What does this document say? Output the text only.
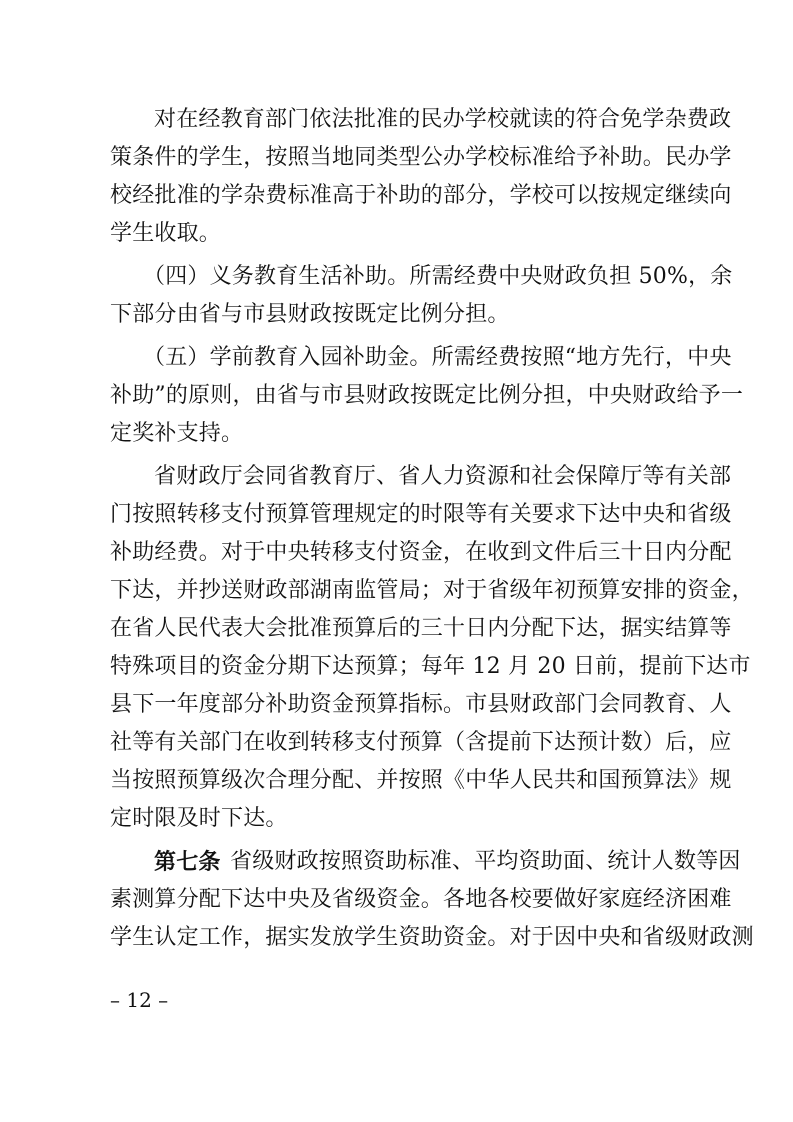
对在经教育部门依法批准的民办学校就读的符合免学杂费政
策条件的学生，按照当地同类型公办学校标准给予补助。民办学
校经批准的学杂费标准高于补助的部分，学校可以按规定继续向
学生收取。
（四）义务教育生活补助。所需经费中央财政负担 50%，余
下部分由省与市县财政按既定比例分担。
（五）学前教育入园补助金。所需经费按照“地方先行，中央
补助”的原则，由省与市县财政按既定比例分担，中央财政给予一
定奖补支持。
省财政厅会同省教育厅、省人力资源和社会保障厅等有关部
门按照转移支付预算管理规定的时限等有关要求下达中央和省级
补助经费。对于中央转移支付资金，在收到文件后三十日内分配
下达，并抄送财政部湖南监管局；对于省级年初预算安排的资金，
在省人民代表大会批准预算后的三十日内分配下达，据实结算等
特殊项目的资金分期下达预算；每年 12 月 20 日前，提前下达市
县下一年度部分补助资金预算指标。市县财政部门会同教育、人
社等有关部门在收到转移支付预算（含提前下达预计数）后，应
当按照预算级次合理分配、并按照《中华人民共和国预算法》规
定时限及时下达。
第七条 省级财政按照资助标准、平均资助面、统计人数等因
素测算分配下达中央及省级资金。各地各校要做好家庭经济困难
学生认定工作，据实发放学生资助资金。对于因中央和省级财政测
– 12 –
